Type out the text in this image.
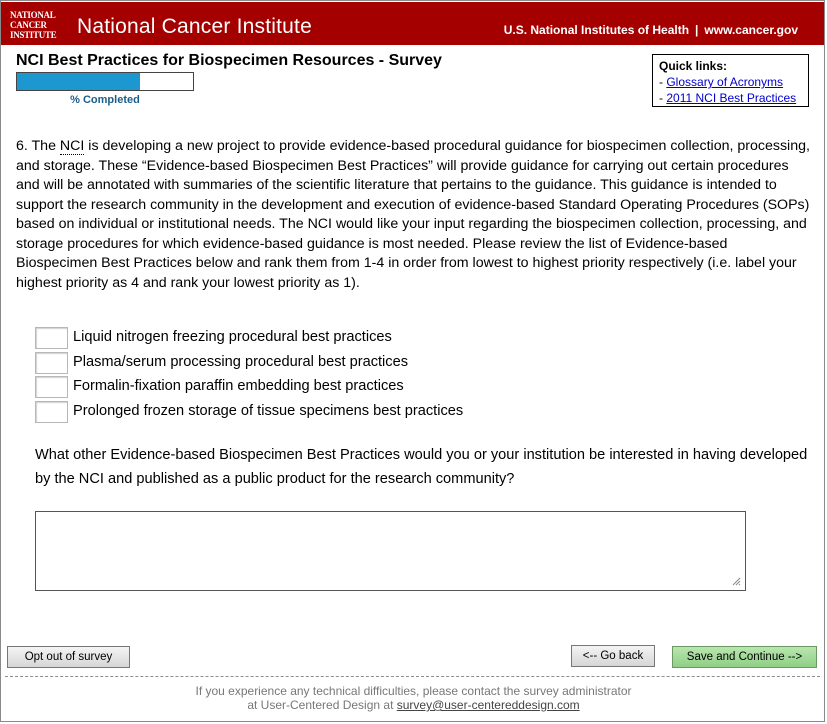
NATIONAL
CANCER
INSTITUTE National Cancer Institute	U.S. National Institutes of Health | www.cancer.gov
NCI Best Practices for Biospecimen Resources - Survey
% Completed
Quick links:
- Glossary of Acronyms
- 2011 NCI Best Practices
6. The NCI is developing a new project to provide evidence-based procedural guidance for biospecimen collection, processing, and storage. These “Evidence-based Biospecimen Best Practices” will provide guidance for carrying out certain procedures and will be annotated with summaries of the scientific literature that pertains to the guidance. This guidance is intended to support the research community in the development and execution of evidence-based Standard Operating Procedures (SOPs) based on individual or institutional needs. The NCI would like your input regarding the biospecimen collection, processing, and storage procedures for which evidence-based guidance is most needed. Please review the list of Evidence-based Biospecimen Best Practices below and rank them from 1-4 in order from lowest to highest priority respectively (i.e. label your highest priority as 4 and rank your lowest priority as 1).
Liquid nitrogen freezing procedural best practices
Plasma/serum processing procedural best practices
Formalin-fixation paraffin embedding best practices
Prolonged frozen storage of tissue specimens best practices
What other Evidence-based Biospecimen Best Practices would you or your institution be interested in having developed by the NCI and published as a public product for the research community?
Opt out of survey	<-- Go back	Save and Continue -->
If you experience any technical difficulties, please contact the survey administrator
at User-Centered Design at survey@user-centereddesign.com
